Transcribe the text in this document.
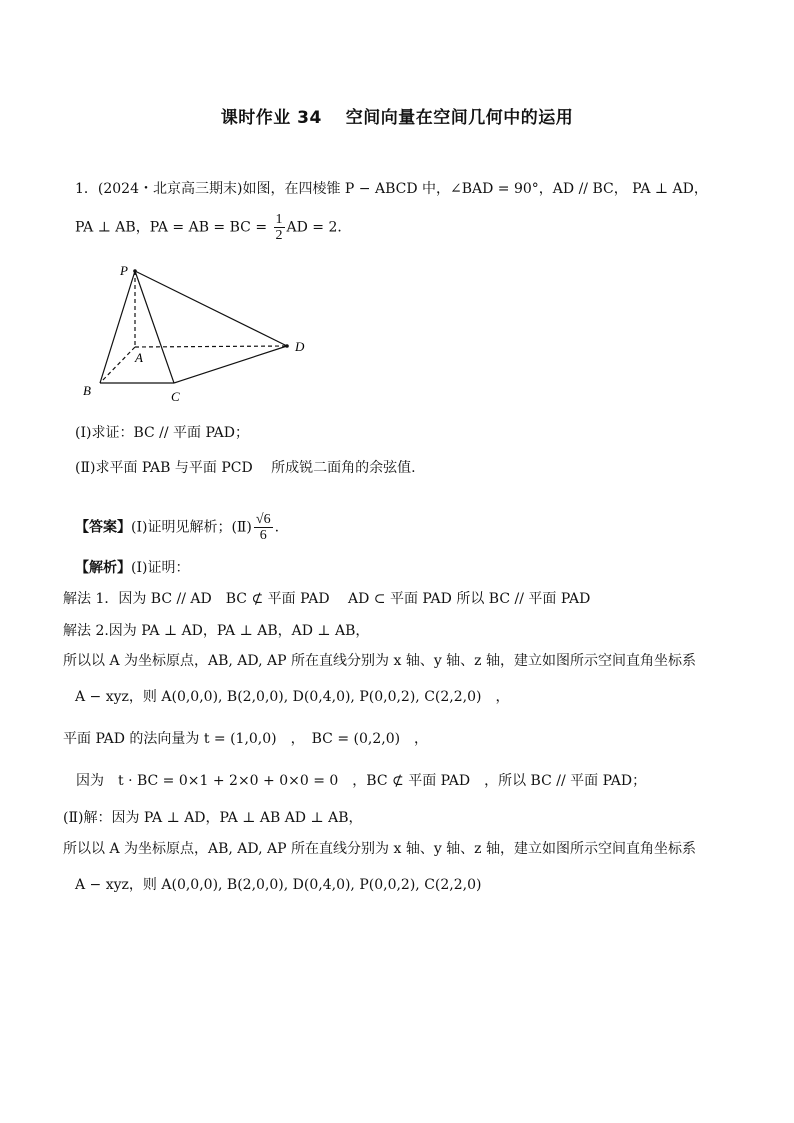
课时作业 34　 空间向量在空间几何中的运用
1．(2024・北京高三期末)如图，在四棱锥 P − ABCD 中，∠BAD = 90°，AD // BC， PA ⊥ AD，
PA ⊥ AB，PA = AB = BC = $\frac{1}{2}$ AD = 2．
P
A
B	C
D
(Ⅰ)求证：BC // 平面 PAD；
(Ⅱ)求平面 PAB 与平面 PCD　 所成锐二面角的余弦值.
【答案】(Ⅰ)证明见解析；(Ⅱ) $\frac{√6}{6}$ .
【解析】(Ⅰ)证明：
解法 1．因为 BC // AD　BC ⊄ 平面 PAD　 AD ⊂ 平面 PAD 所以 BC // 平面 PAD
解法 2.因为 PA ⊥ AD，PA ⊥ AB，AD ⊥ AB，
所以以 A 为坐标原点，AB, AD, AP 所在直线分别为 x 轴、y 轴、z 轴，建立如图所示空间直角坐标系
A − xyz，则 A(0,0,0), B(2,0,0), D(0,4,0), P(0,0,2), C(2,2,0)　，
平面 PAD 的法向量为 t = (1,0,0)　，　BC = (0,2,0)　，
因为　t · BC = 0×1 + 2×0 + 0×0 = 0　，BC ⊄ 平面 PAD　，所以 BC // 平面 PAD；
(Ⅱ)解：因为 PA ⊥ AD，PA ⊥ AB AD ⊥ AB，
所以以 A 为坐标原点，AB, AD, AP 所在直线分别为 x 轴、y 轴、z 轴，建立如图所示空间直角坐标系
A − xyz，则 A(0,0,0), B(2,0,0), D(0,4,0), P(0,0,2), C(2,2,0)
